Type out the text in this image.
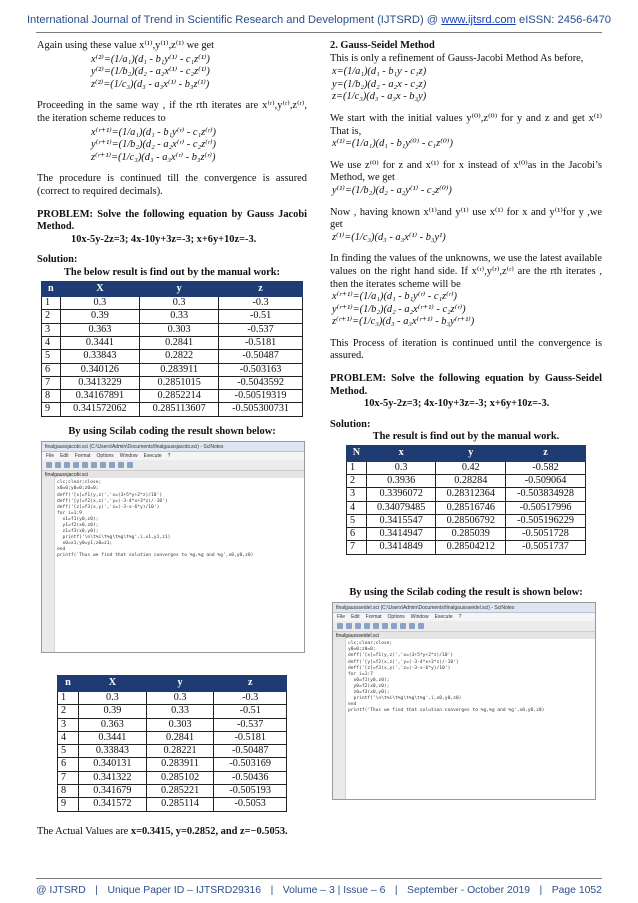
International Journal of Trend in Scientific Research and Development (IJTSRD) @ www.ijtsrd.com eISSN: 2456-6470

Again using these value x⁽¹⁾,y⁽¹⁾,z⁽¹⁾ we get

x⁽²⁾=(1/a₁)(d₁ - b₁y⁽¹⁾ - c₁z⁽¹⁾)

y⁽²⁾=(1/b₂)(d₂ - a₂x⁽¹⁾ - c₂z⁽¹⁾)

z⁽²⁾=(1/c₃)(d₃ - a₃x⁽¹⁾ - b₃z⁽¹⁾)

Proceeding in the same way , if the rth iterates are x⁽ʳ⁾,y⁽ʳ⁾,z⁽ʳ⁾, the iteration scheme reduces to

x⁽ʳ⁺¹⁾=(1/a₁)(d₁ - b₁y⁽ʳ⁾ - c₁z⁽ʳ⁾)

y⁽ʳ⁺¹⁾=(1/b₂)(d₂ - a₂x⁽ʳ⁾ - c₂z⁽ʳ⁾)

z⁽ʳ⁺¹⁾=(1/c₃)(d₃ - a₃x⁽ʳ⁾ - b₃z⁽ʳ⁾)

The procedure is continued till the convergence is assured (correct to required decimals).

PROBLEM: Solve the following equation by Gauss Jacobi Method.

10x-5y-2z=3; 4x-10y+3z=-3; x+6y+10z=-3.

Solution:

The below result is find out by the manual work:

n	X	y	z
1	0.3	0.3	-0.3
2	0.39	0.33	-0.51
3	0.363	0.303	-0.537
4	0.3441	0.2841	-0.5181
5	0.33843	0.2822	-0.50487
6	0.340126	0.283911	-0.503163
7	0.3413229	0.2851015	-0.5043592
8	0.34167891	0.2852214	-0.50519319
9	0.341572062	0.285113607	-0.505300731

By using Scilab coding the result shown below:

finalgaussjacobi.sci (C:\Users\Admin\Documents\finalgaussjacobi.sci) - SciNotes
File Edit Format Options Window Execute ?
finalgaussjacobi.sci
clc;clear;close;
x0=0;y0=0;z0=0;
deff('[x]=f1(y,z)','x=(3+5*y+2*z)/10')
deff('[y]=f2(x,z)','y=(-3-4*x+3*z)/-10')
deff('[z]=f3(x,y)','z=(-3-x-6*y)/10')
for i=1:9
x1=f1(y0,z0);
y1=f2(x0,z0);
z1=f3(x0,y0);
printf('\n\t%i\t%g\t%g\t%g',i,x1,y1,z1)
x0=x1;y0=y1;z0=z1;
end
printf('Thus we find that solution converges to %g,%g and %g',x0,y0,z0)
n	X	y	z
1	0.3	0.3	-0.3
2	0.39	0.33	-0.51
3	0.363	0.303	-0.537
4	0.3441	0.2841	-0.5181
5	0.33843	0.28221	-0.50487
6	0.340131	0.283911	-0.503169
7	0.341322	0.285102	-0.50436
8	0.341679	0.285221	-0.505193
9	0.341572	0.285114	-0.5053

The Actual Values are x=0.3415, y=0.2852, and z=−0.5053.

2. Gauss-Seidel Method

This is only a refinement of Gauss-Jacobi Method As before,

x=(1/a₁)(d₁ - b₁y - c₁z)

y=(1/b₂)(d₂ - a₂x - c₂z)

z=(1/c₃)(d₃ - a₃x - b₃y)

We start with the initial values y⁽⁰⁾,z⁽⁰⁾ for y and z and get x⁽¹⁾ That is,

x⁽¹⁾=(1/a₁)(d₁ - b₁y⁽⁰⁾ - c₁z⁽⁰⁾)

We use z⁽⁰⁾ for z and x⁽¹⁾ for x instead of x⁽⁰⁾as in the Jacobi’s Method, we get

y⁽¹⁾=(1/b₂)(d₂ - a₂y⁽¹⁾ - c₂z⁽⁰⁾)

Now , having known x⁽¹⁾and y⁽¹⁾ use x⁽¹⁾ for x and y⁽¹⁾for y ,we get

z⁽¹⁾=(1/c₃)(d₃ - a₃x⁽¹⁾ - b₃y¹)

In finding the values of the unknowns, we use the latest available values on the right hand side. If x⁽ʳ⁾,y⁽ʳ⁾,z⁽ʳ⁾ are the rth iterates , then the iterates scheme will be

x⁽ʳ⁺¹⁾=(1/a₁)(d₁ - b₁y⁽ʳ⁾ - c₁z⁽ʳ⁾)

y⁽ʳ⁺¹⁾=(1/b₂)(d₂ - a₂x⁽ʳ⁺¹⁾ - c₂z⁽ʳ⁾)

z⁽ʳ⁺¹⁾=(1/c₃)(d₃ - a₃x⁽ʳ⁺¹⁾ - b₃y⁽ʳ⁺¹⁾)

This Process of iteration is continued until the convergence is assured.

PROBLEM: Solve the following equation by Gauss-Seidel Method.

10x-5y-2z=3; 4x-10y+3z=-3; x+6y+10z=-3.

Solution:

The result is find out by the manual work.

N	x	y	z
1	0.3	0.42	-0.582
2	0.3936	0.28284	-0.509064
3	0.3396072	0.28312364	-0.503834928
4	0.34079485	0.28516746	-0.50517996
5	0.3415547	0.28506792	-0.505196229
6	0.3414947	0.285039	-0.5051728
7	0.3414849	0.28504212	-0.5051737

By using the Scilab coding the result is shown below:

finalgaussseidel.sci (C:\Users\Admin\Documents\finalgaussseidel.sci) - SciNotes
File Edit Format Options Window Execute ?
finalgaussseidel.sci
clc;clear;close;
y0=0;z0=0;
deff('[x]=f1(y,z)','x=(3+5*y+2*z)/10')
deff('[y]=f2(x,z)','y=(-3-4*x+3*z)/-10')
deff('[z]=f3(x,y)','z=(-3-x-6*y)/10')
for i=1:7
x0=f1(y0,z0);
y0=f2(x0,z0);
z0=f3(x0,y0);
printf('\n\t%i\t%g\t%g\t%g',i,x0,y0,z0)
end
printf('Thus we find that solution converges to %g,%g and %g',x0,y0,z0)
@ IJTSRD | Unique Paper ID – IJTSRD29316 | Volume – 3 | Issue – 6 | September - October 2019 | Page 1052
